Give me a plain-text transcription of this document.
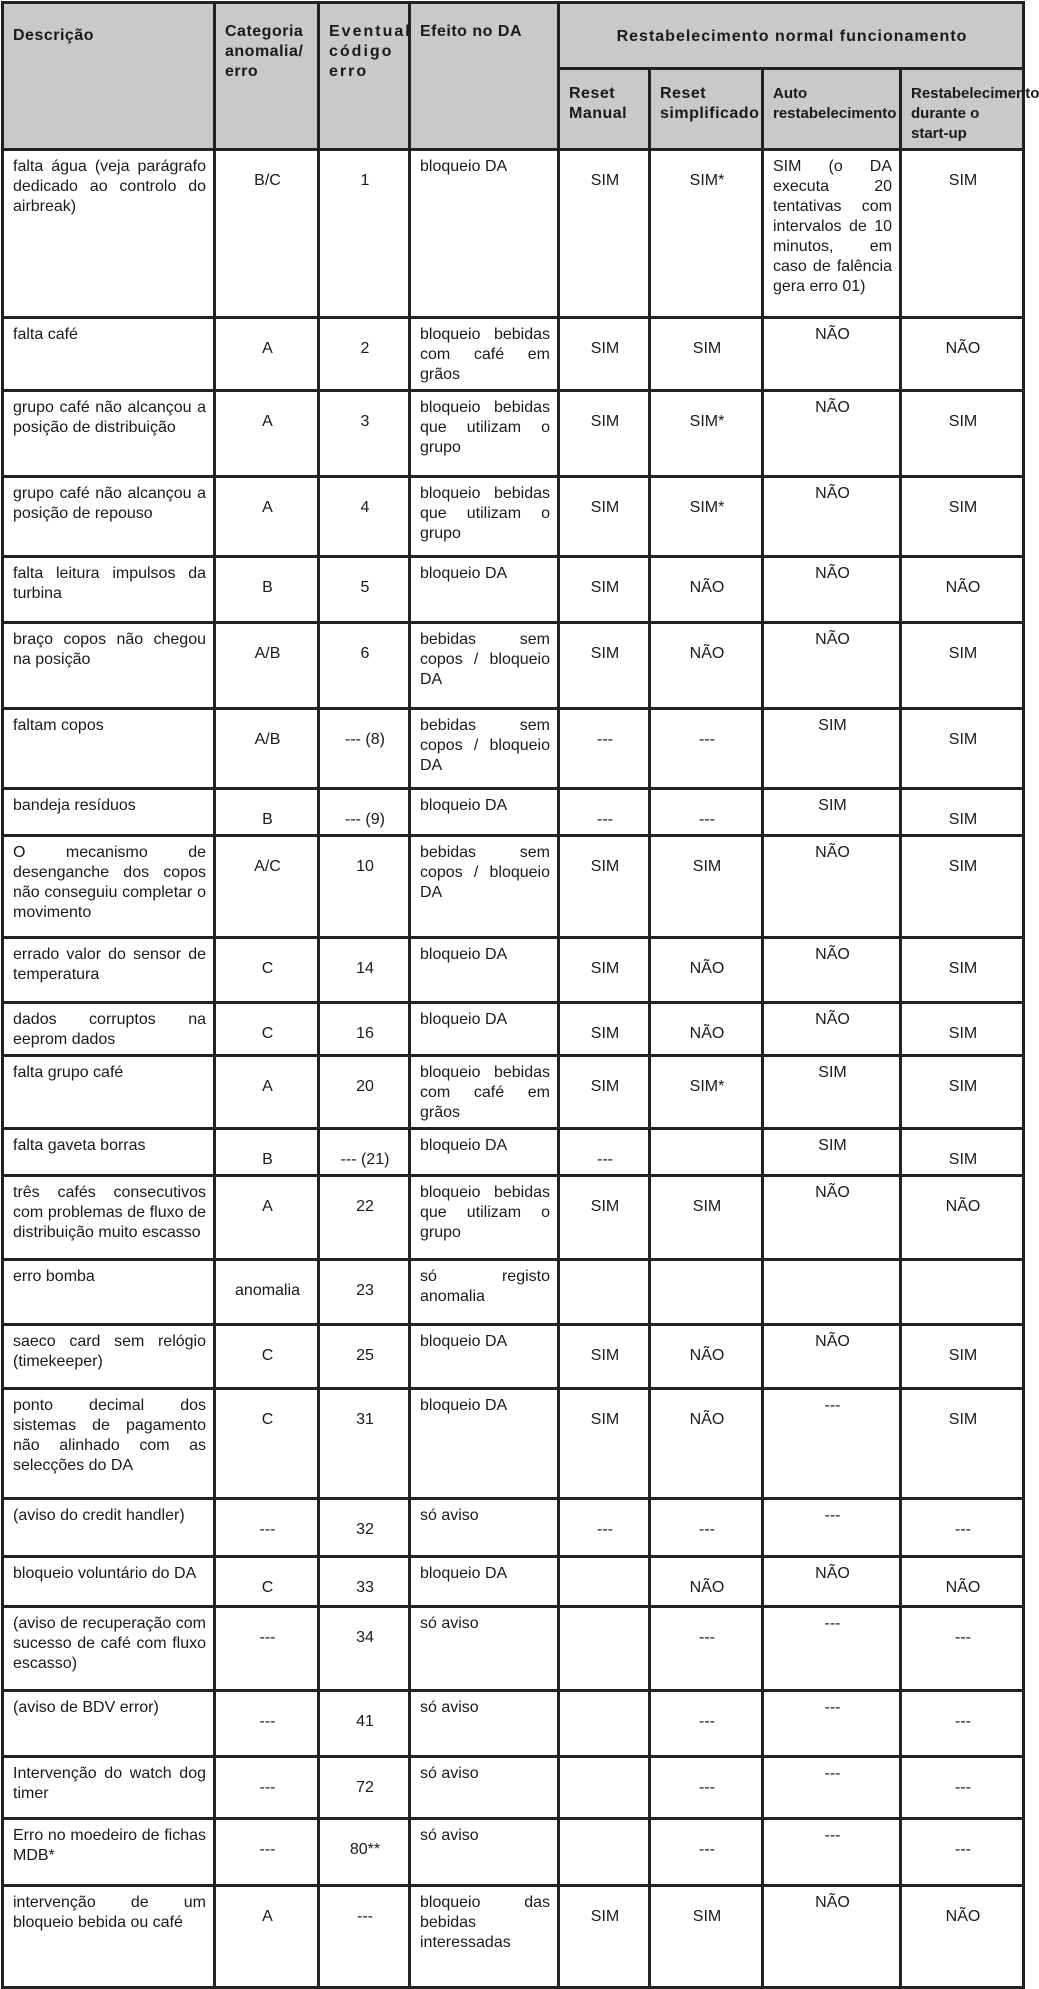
Descrição	Categoria anomalia/ erro	Eventual código erro	Efeito no DA	Restabelecimento normal funcionamento			
				Reset Manual	Reset simplificado	Auto restabelecimento	Restabelecimento durante o start-up
falta água (veja parágrafo dedicado ao controlo do airbreak)	B/C	1	bloqueio DA	SIM	SIM*	SIM (o DA executa 20 tentativas com intervalos de 10 minutos, em caso de falência gera erro 01)	SIM
falta café	A	2	bloqueio bebidas com café em grãos	SIM	SIM	NÃO	NÃO
grupo café não alcançou a posição de distribuição	A	3	bloqueio bebidas que utilizam o grupo	SIM	SIM*	NÃO	SIM
grupo café não alcançou a posição de repouso	A	4	bloqueio bebidas que utilizam o grupo	SIM	SIM*	NÃO	SIM
falta leitura impulsos da turbina	B	5	bloqueio DA	SIM	NÃO	NÃO	NÃO
braço copos não chegou na posição	A/B	6	bebidas sem copos / bloqueio DA	SIM	NÃO	NÃO	SIM
faltam copos	A/B	--- (8)	bebidas sem copos / bloqueio DA	---	---	SIM	SIM
bandeja resíduos	B	--- (9)	bloqueio DA	---	---	SIM	SIM
O mecanismo de desenganche dos copos não conseguiu completar o movimento	A/C	10	bebidas sem copos / bloqueio DA	SIM	SIM	NÃO	SIM
errado valor do sensor de temperatura	C	14	bloqueio DA	SIM	NÃO	NÃO	SIM
dados corruptos na eeprom dados	C	16	bloqueio DA	SIM	NÃO	NÃO	SIM
falta grupo café	A	20	bloqueio bebidas com café em grãos	SIM	SIM*	SIM	SIM
falta gaveta borras	B	--- (21)	bloqueio DA	---		SIM	SIM
três cafés consecutivos com problemas de fluxo de distribuição muito escasso	A	22	bloqueio bebidas que utilizam o grupo	SIM	SIM	NÃO	NÃO
erro bomba	anomalia	23	só registo anomalia				
saeco card sem relógio (timekeeper)	C	25	bloqueio DA	SIM	NÃO	NÃO	SIM
ponto decimal dos sistemas de pagamento não alinhado com as selecções do DA	C	31	bloqueio DA	SIM	NÃO	---	SIM
(aviso do credit handler)	---	32	só aviso	---	---	---	---
bloqueio voluntário do DA	C	33	bloqueio DA		NÃO	NÃO	NÃO
(aviso de recuperação com sucesso de café com fluxo escasso)	---	34	só aviso		---	---	---
(aviso de BDV error)	---	41	só aviso		---	---	---
Intervenção do watch dog timer	---	72	só aviso		---	---	---
Erro no moedeiro de fichas MDB*	---	80**	só aviso		---	---	---
intervenção de um bloqueio bebida ou café	A	---	bloqueio das bebidas interessadas	SIM	SIM	NÃO	NÃO
